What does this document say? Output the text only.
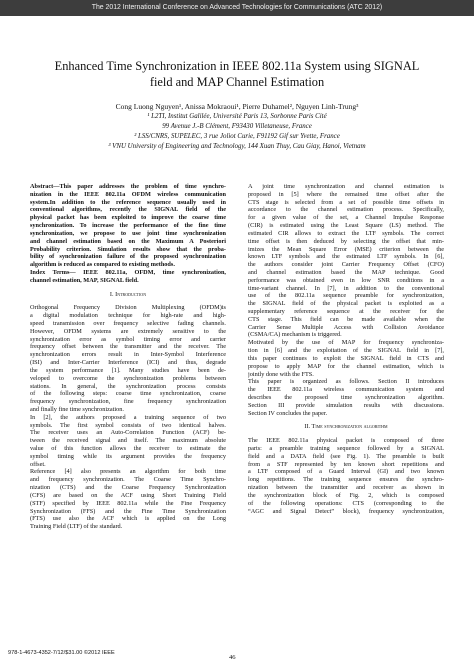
The 2012 International Conference on Advanced Technologies for Communications (ATC 2012)
Enhanced Time Synchronization in IEEE 802.11a System using SIGNAL
field and MAP Channel Estimation
Cong Luong Nguyen¹, Anissa Mokraoui¹, Pierre Duhamel², Nguyen Linh-Trung³
¹ L2TI, Institut Galilée, Université Paris 13, Sorbonne Paris Cité
99 Avenue J.-B Clément, F93430 Villetaneuse, France
² LSS/CNRS, SUPELEC, 3 rue Joliot Curie, F91192 Gif sur Yvette, France
³ VNU University of Engineering and Technology, 144 Xuan Thuy, Cau Giay, Hanoi, Vietnam
Abstract—This paper addresses the problem of time synchro-
nization in the IEEE 802.11a OFDM wireless communication
system.In addition to the reference sequence usually used in
conventional algorithms, recently the SIGNAL field of the
physical packet has been exploited to improve the coarse time
synchronization. To increase the performance of the fine time
synchronization, we propose to use joint time synchronization
and channel estimation based on the Maximum A Posteriori
Probability criterion. Simulation results show that the proba-
bility of synchronization failure of the proposed synchronization
algorithm is reduced as compared to existing methods.
Index Terms— IEEE 802.11a, OFDM, time synchronization,
channel estimation, MAP, SIGNAL field.
I. Introduction
Orthogonal Frequency Division Multiplexing (OFDM)is
a digital modulation technique for high-rate and high-
speed transmission over frequency selective fading channels.
However, OFDM systems are extremely sensitive to the
synchronization error as symbol timing error and carrier
frequency offset between the transmitter and the receiver. The
synchronization errors result in Inter-Symbol Interference
(ISI) and Inter-Carrier Interference (ICI) and thus, degrade
the system performance [1]. Many studies have been de-
veloped to overcome the synchronization problems between
stations. In general, the synchronization process consists
of the following steps: coarse time synchronization, coarse
frequency synchronization, fine frequency synchronization
and finally fine time synchronization.
In [2], the authors proposed a training sequence of two
symbols. The first symbol consists of two identical halves.
The receiver uses an Auto-Correlation Function (ACF) be-
tween the received signal and itself. The maximum absolute
value of this function allows the receiver to estimate the
symbol timing while its argument provides the frequency
offset.
Reference [4] also presents an algorithm for both time
and frequency synchronization. The Coarse Time Synchro-
nization (CTS) and the Coarse Frequency Synchronization
(CFS) are based on the ACF using Short Training Field
(STF) specified by IEEE 802.11a while the Fine Frequency
Synchronization (FFS) and the Fine Time Synchronization
(FTS) use also the ACF which is applied on the Long
Training Field (LTF) of the standard.
A joint time synchronization and channel estimation is
proposed in [5] where the remained time offset after the
CTS stage is selected from a set of possible time offsets in
accordance to the channel estimation process. Specifically,
for a given value of the set, a Channel Impulse Response
(CIR) is estimated using the Least Square (LS) method. The
estimated CIR allows to extract the LTF symbols. The correct
time offset is then deduced by selecting the offset that min-
imizes the Mean Square Error (MSE) criterion between the
known LTF symbols and the estimated LTF symbols. In [6],
the authors consider joint Carrier Frequency Offset (CFO)
and channel estimation based the MAP technique. Good
performance was obtained even in low SNR conditions in a
time-variant channel. In [7], in addition to the conventional
use of the 802.11a sequence preamble for synchronization,
the SIGNAL field of the physical packet is exploited as a
supplementary reference sequence at the receiver for the
CTS stage. This field can be made available when the
Carrier Sense Multiple Access with Collision Avoidance
(CSMA/CA) mechanism is triggered.
Motivated by the use of MAP for frequency synchroniza-
tion in [6] and the exploitation of the SIGNAL field in [7],
this paper continues to exploit the SIGNAL field in CTS and
propose to apply MAP for the channel estimation, which is
jointly done with the FTS.
This paper is organized as follows. Section II introduces
the IEEE 802.11a wireless communication system and
describes the proposed time synchronization algorithm.
Section III provide simulation results with discussions.
Section IV concludes the paper.
II. Time synchronization algorithm
The IEEE 802.11a physical packet is composed of three
parts: a preamble training sequence followed by a SIGNAL
field and a DATA field (see Fig. 1). The preamble is built
from a STF represented by ten known short repetitions and
a LTF composed of a Guard Interval (GI) and two known
long repetitions. The training sequence ensures the synchro-
nization between the transmitter and receiver as shown in
the synchronization block of Fig. 2, which is composed
of the following operations: CTS (corresponding to the
“AGC and Signal Detect” block), frequency synchronization,
978-1-4673-4352-7/12/$31.00 ©2012 IEEE
46
